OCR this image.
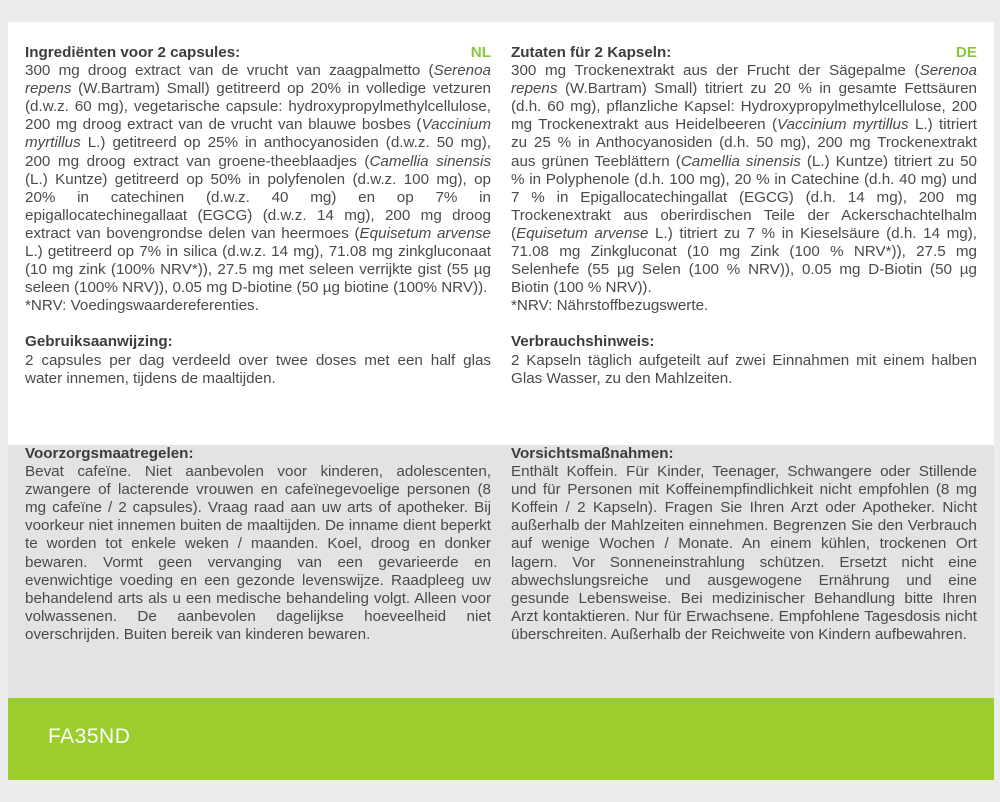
Ingrediënten voor 2 capsules:	NL

300 mg droog extract van de vrucht van zaagpalmetto (Serenoa repens (W.Bartram) Small) getitreerd op 20% in volledige vetzuren (d.w.z. 60 mg), vegetarische capsule: hydroxypropylmethylcellulose, 200 mg droog extract van de vrucht van blauwe bosbes (Vaccinium myrtillus L.) getitreerd op 25% in anthocyanosiden (d.w.z. 50 mg), 200 mg droog extract van groene-theeblaadjes (Camellia sinensis (L.) Kuntze) getitreerd op 50% in polyfenolen (d.w.z. 100 mg), op 20% in catechinen (d.w.z. 40 mg) en op 7% in epigallocatechinegallaat (EGCG) (d.w.z. 14 mg), 200 mg droog extract van bovengrondse delen van heermoes (Equisetum arvense L.) getitreerd op 7% in silica (d.w.z. 14 mg), 71.08 mg zinkgluconaat (10 mg zink (100% NRV*)), 27.5 mg met seleen verrijkte gist (55 µg seleen (100% NRV)), 0.05 mg D-biotine (50 µg biotine (100% NRV)).

*NRV: Voedingswaardereferenties.

Gebruiksaanwijzing:

2 capsules per dag verdeeld over twee doses met een half glas water innemen, tijdens de maaltijden.

Zutaten für 2 Kapseln:	DE

300 mg Trockenextrakt aus der Frucht der Sägepalme (Serenoa repens (W.Bartram) Small) titriert zu 20 % in gesamte Fettsäuren (d.h. 60 mg), pflanzliche Kapsel: Hydroxypropylmethylcellulose, 200 mg Trockenextrakt aus Heidelbeeren (Vaccinium myrtillus L.) titriert zu 25 % in Anthocyanosiden (d.h. 50 mg), 200 mg Trockenextrakt aus grünen Teeblättern (Camellia sinensis (L.) Kuntze) titriert zu 50 % in Polyphenole (d.h. 100 mg), 20 % in Catechine (d.h. 40 mg) und 7 % in Epigallocatechingallat (EGCG) (d.h. 14 mg), 200 mg Trockenextrakt aus oberirdischen Teile der Ackerschachtelhalm (Equisetum arvense L.) titriert zu 7 % in Kieselsäure (d.h. 14 mg), 71.08 mg Zinkgluconat (10 mg Zink (100 % NRV*)), 27.5 mg Selenhefe (55 µg Selen (100 % NRV)), 0.05 mg D-Biotin (50 µg Biotin (100 % NRV)).

*NRV: Nährstoffbezugswerte.

Verbrauchshinweis:

2 Kapseln täglich aufgeteilt auf zwei Einnahmen mit einem halben Glas Wasser, zu den Mahlzeiten.

Voorzorgsmaatregelen:

Bevat cafeïne. Niet aanbevolen voor kinderen, adolescenten, zwangere of lacterende vrouwen en cafeïnegevoelige personen (8 mg cafeïne / 2 capsules). Vraag raad aan uw arts of apotheker. Bij voorkeur niet innemen buiten de maaltijden. De inname dient beperkt te worden tot enkele weken / maanden. Koel, droog en donker bewaren. Vormt geen vervanging van een gevarieerde en evenwichtige voeding en een gezonde levenswijze. Raadpleeg uw behandelend arts als u een medische behandeling volgt. Alleen voor volwassenen. De aanbevolen dagelijkse hoeveelheid niet overschrijden. Buiten bereik van kinderen bewaren.

Vorsichtsmaßnahmen:

Enthält Koffein. Für Kinder, Teenager, Schwangere oder Stillende und für Personen mit Koffeinempfindlichkeit nicht empfohlen (8 mg Koffein / 2 Kapseln). Fragen Sie Ihren Arzt oder Apotheker. Nicht außerhalb der Mahlzeiten einnehmen. Begrenzen Sie den Verbrauch auf wenige Wochen / Monate. An einem kühlen, trockenen Ort lagern. Vor Sonneneinstrahlung schützen. Ersetzt nicht eine abwechslungsreiche und ausgewogene Ernährung und eine gesunde Lebensweise. Bei medizinischer Behandlung bitte Ihren Arzt kontaktieren. Nur für Erwachsene. Empfohlene Tagesdosis nicht überschreiten. Außerhalb der Reichweite von Kindern aufbewahren.

FA35ND
